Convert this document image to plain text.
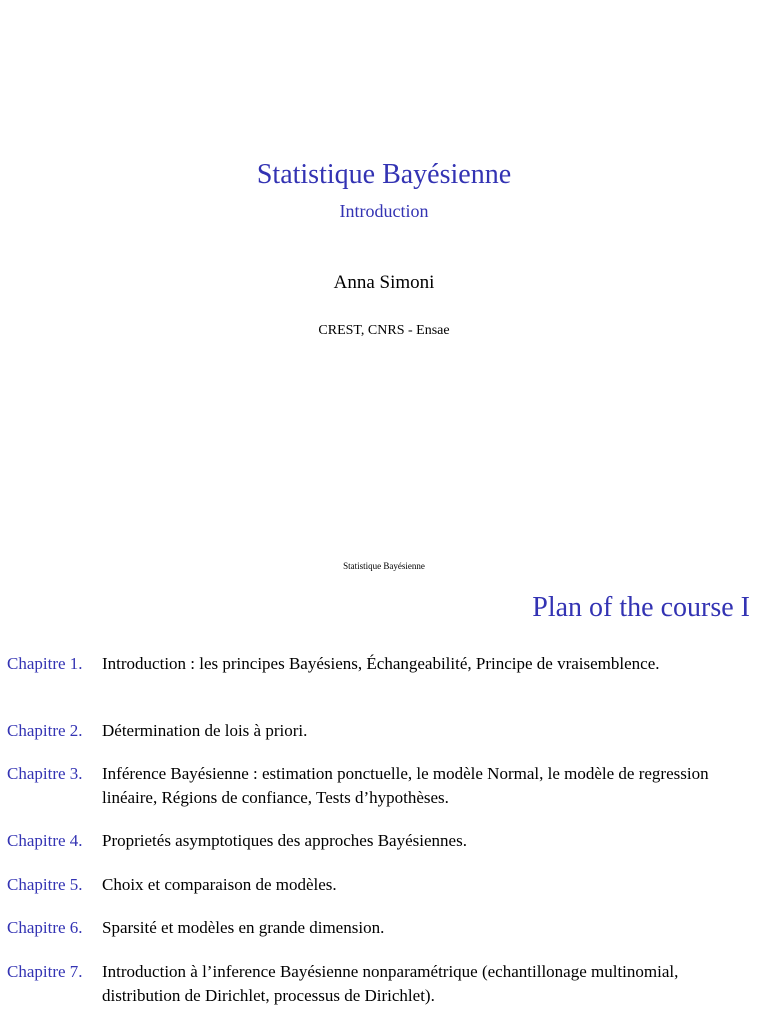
Statistique Bayésienne
Introduction
Anna Simoni
CREST, CNRS - Ensae
Statistique Bayésienne
Plan of the course I
Chapitre 1.	Introduction : les principes Bayésiens, Échangeabilité, Principe de vraisemblence.
Chapitre 2.	Détermination de lois à priori.
Chapitre 3.	Inférence Bayésienne : estimation ponctuelle, le modèle Normal, le modèle de regression linéaire, Régions de confiance, Tests d’hypothèses.
Chapitre 4.	Proprietés asymptotiques des approches Bayésiennes.
Chapitre 5.	Choix et comparaison de modèles.
Chapitre 6.	Sparsité et modèles en grande dimension.
Chapitre 7.	Introduction à l’inference Bayésienne nonparamétrique (echantillonage multinomial, distribution de Dirichlet, processus de Dirichlet).
